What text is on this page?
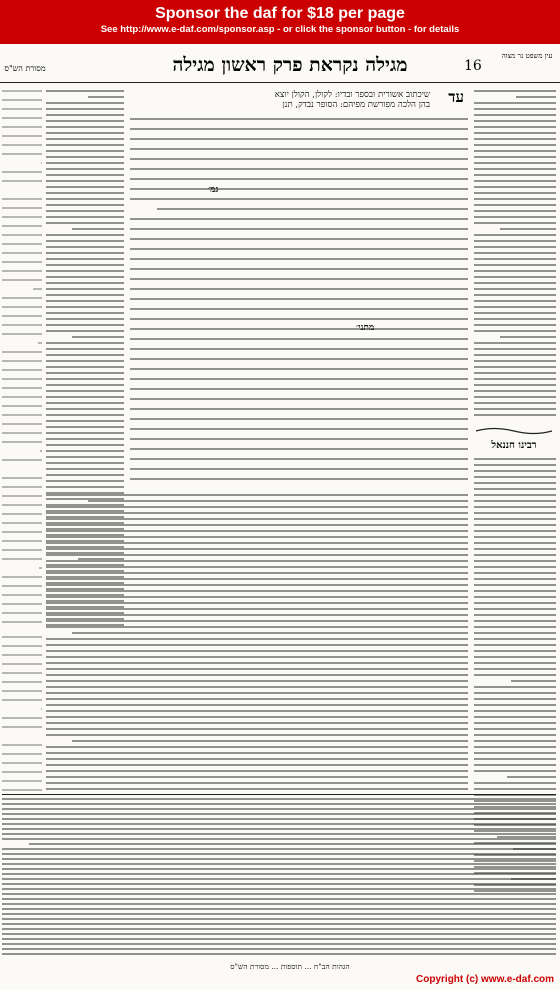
Sponsor the daf for $18 per page
See http://www.e-daf.com/sponsor.asp - or click the sponsor button - for details
מסורת הש"ס	מגילה נקראת פרק ראשון מגילה	16
עין משפט נר מצוה
עד
שיכתוב אשורית ובספר ובדיו: לקולן, הקולן יוצא
בהן הלכה מפורשת מפיהם: הסופר נבדק, תנן
מתני׳
גמ׳
רבינו חננאל
הגהות הב"ח ... תוספות ... מסורת הש"ס
Copyright (c) www.e-daf.com
